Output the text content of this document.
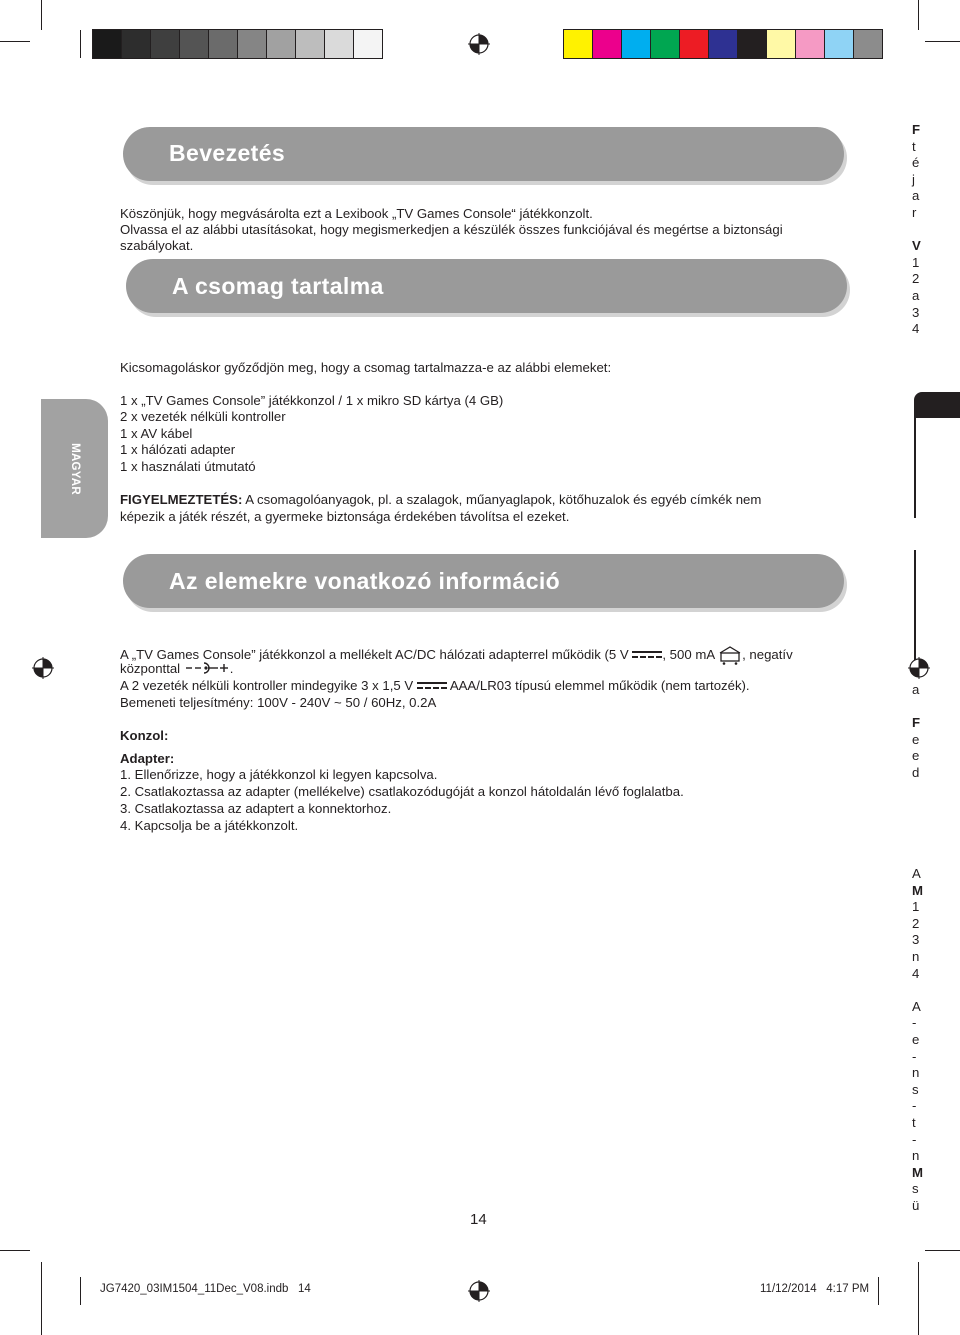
Bevezetés
Köszönjük, hogy megvásárolta ezt a Lexibook „TV Games Console“ játékkonzolt.
Olvassa el az alábbi utasításokat, hogy megismerkedjen a készülék összes funkciójával és megértse a biztonsági
szabályokat.
A csomag tartalma
Kicsomagoláskor győződjön meg, hogy a csomag tartalmazza-e az alábbi elemeket:
1 x „TV Games Console” játékkonzol / 1 x mikro SD kártya (4 GB)
2 x vezeték nélküli kontroller
1 x AV kábel
1 x hálózati adapter
1 x használati útmutató
FIGYELMEZTETÉS: A csomagolóanyagok, pl. a szalagok, műanyaglapok, kötőhuzalok és egyéb címkék nem
képezik a játék részét, a gyermeke biztonsága érdekében távolítsa el ezeket.
MAGYAR
Az elemekre vonatkozó információ
A „TV Games Console” játékkonzol a mellékelt AC/DC hálózati adapterrel működik (5 V	, 500 mA , negatív
központtal	.
A 2 vezeték nélküli kontroller mindegyike 3 x 1,5 V	AAA/LR03 típusú elemmel működik (nem tartozék).
Bemeneti teljesítmény: 100V - 240V ~ 50 / 60Hz, 0.2A
Konzol:
Adapter:
1. Ellenőrizze, hogy a játékkonzol ki legyen kapcsolva.
2. Csatlakoztassa az adapter (mellékelve) csatlakozódugóját a konzol hátoldalán lévő foglalatba.
3. Csatlakoztassa az adaptert a konnektorhoz.
4. Kapcsolja be a játékkonzolt.
14
JG7420_03IM1504_11Dec_V08.indb   14	11/12/2014   4:17 PM
F
t
é
j
a
r

V
1
2
a
3
4
a

F
e
e
d
A
M
1
2
3
n
4

A
-
e
-
n
s
-
t
-
n
M
s
ü
